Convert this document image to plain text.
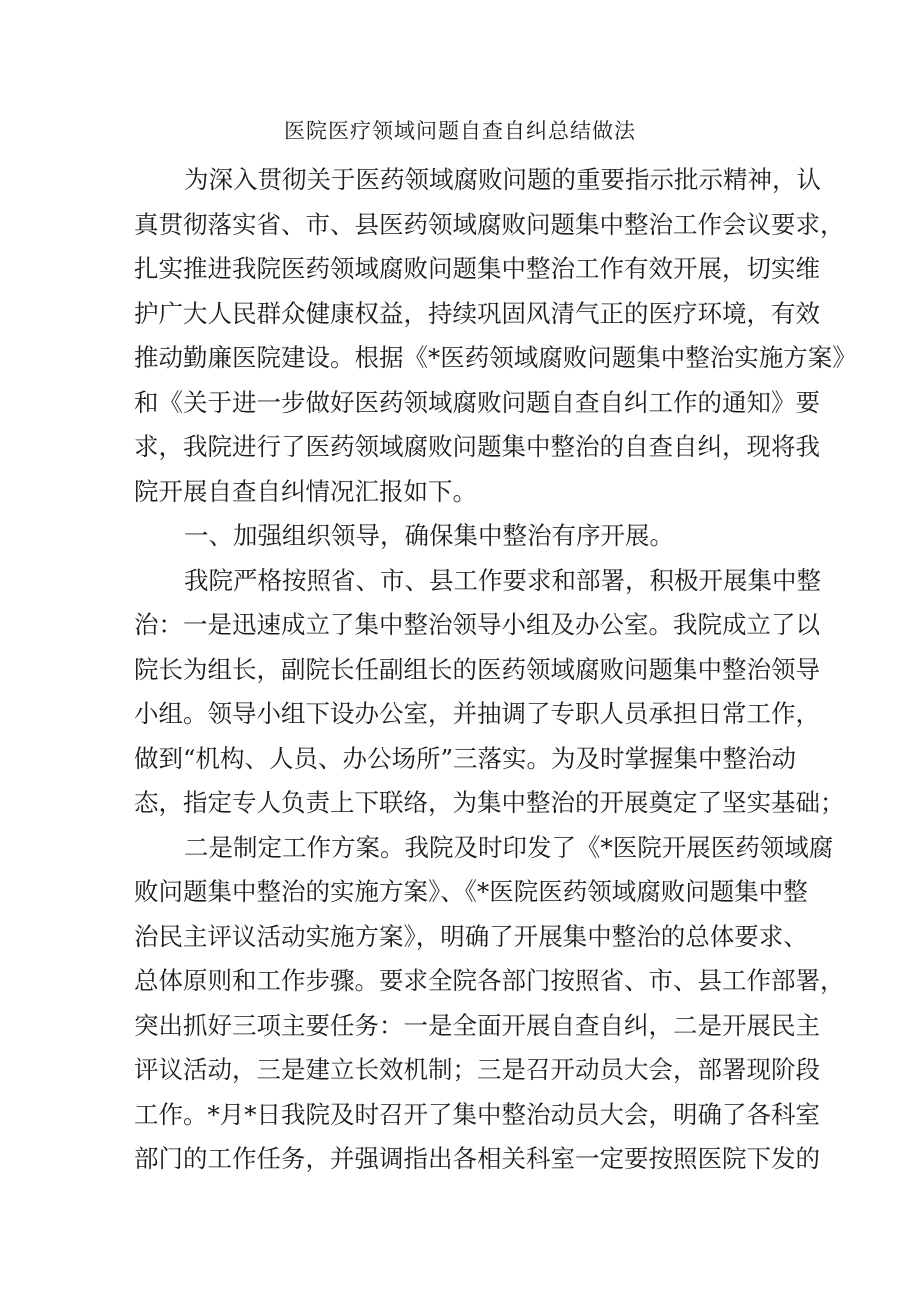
医院医疗领域问题自查自纠总结做法
为深入贯彻关于医药领域腐败问题的重要指示批示精神，认
真贯彻落实省、市、县医药领域腐败问题集中整治工作会议要求，
扎实推进我院医药领域腐败问题集中整治工作有效开展，切实维
护广大人民群众健康权益，持续巩固风清气正的医疗环境，有效
推动勤廉医院建设。根据《*医药领域腐败问题集中整治实施方案》
和《关于进一步做好医药领域腐败问题自查自纠工作的通知》要
求，我院进行了医药领域腐败问题集中整治的自查自纠，现将我
院开展自查自纠情况汇报如下。
一、加强组织领导，确保集中整治有序开展。
我院严格按照省、市、县工作要求和部署，积极开展集中整
治：一是迅速成立了集中整治领导小组及办公室。我院成立了以
院长为组长，副院长任副组长的医药领域腐败问题集中整治领导
小组。领导小组下设办公室，并抽调了专职人员承担日常工作，
做到“机构、人员、办公场所”三落实。为及时掌握集中整治动
态，指定专人负责上下联络，为集中整治的开展奠定了坚实基础；
二是制定工作方案。我院及时印发了《*医院开展医药领域腐
败问题集中整治的实施方案》、《*医院医药领域腐败问题集中整
治民主评议活动实施方案》，明确了开展集中整治的总体要求、
总体原则和工作步骤。要求全院各部门按照省、市、县工作部署，
突出抓好三项主要任务：一是全面开展自查自纠，二是开展民主
评议活动，三是建立长效机制；三是召开动员大会，部署现阶段
工作。*月*日我院及时召开了集中整治动员大会，明确了各科室
部门的工作任务，并强调指出各相关科室一定要按照医院下发的
